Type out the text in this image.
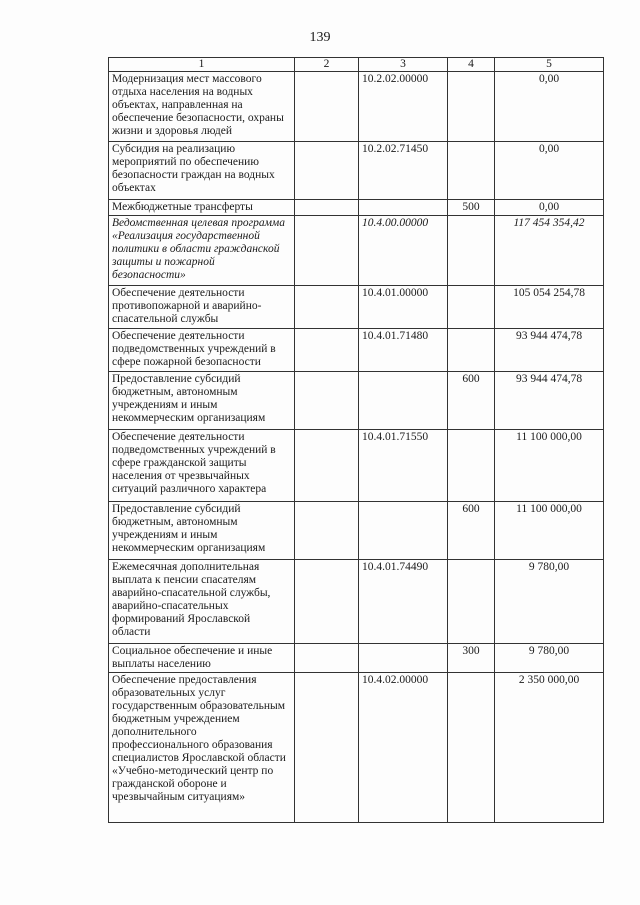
139
1	2	3	4	5
Модернизация мест массового отдыха населения на водных объектах, направленная на обеспечение безопасности, охраны жизни и здоровья людей		10.2.02.00000		0,00
Субсидия на реализацию мероприятий по обеспечению безопасности граждан на водных объектах		10.2.02.71450		0,00
Межбюджетные трансферты			500	0,00
Ведомственная целевая программа «Реализация государственной политики в области гражданской защиты и пожарной безопасности»		10.4.00.00000		117 454 354,42
Обеспечение деятельности противопожарной и аварийно-спасательной службы		10.4.01.00000		105 054 254,78
Обеспечение деятельности подведомственных учреждений в сфере пожарной безопасности		10.4.01.71480		93 944 474,78
Предоставление субсидий бюджетным, автономным учреждениям и иным некоммерческим организациям			600	93 944 474,78
Обеспечение деятельности подведомственных учреждений в сфере гражданской защиты населения от чрезвычайных ситуаций различного характера		10.4.01.71550		11 100 000,00
Предоставление субсидий бюджетным, автономным учреждениям и иным некоммерческим организациям			600	11 100 000,00
Ежемесячная дополнительная выплата к пенсии спасателям аварийно-спасательной службы, аварийно-спасательных формирований Ярославской области		10.4.01.74490		9 780,00
Социальное обеспечение и иные выплаты населению			300	9 780,00
Обеспечение предоставления образовательных услуг государственным образовательным бюджетным учреждением дополнительного профессионального образования специалистов Ярославской области «Учебно-методический центр по гражданской обороне и чрезвычайным ситуациям»		10.4.02.00000		2 350 000,00
